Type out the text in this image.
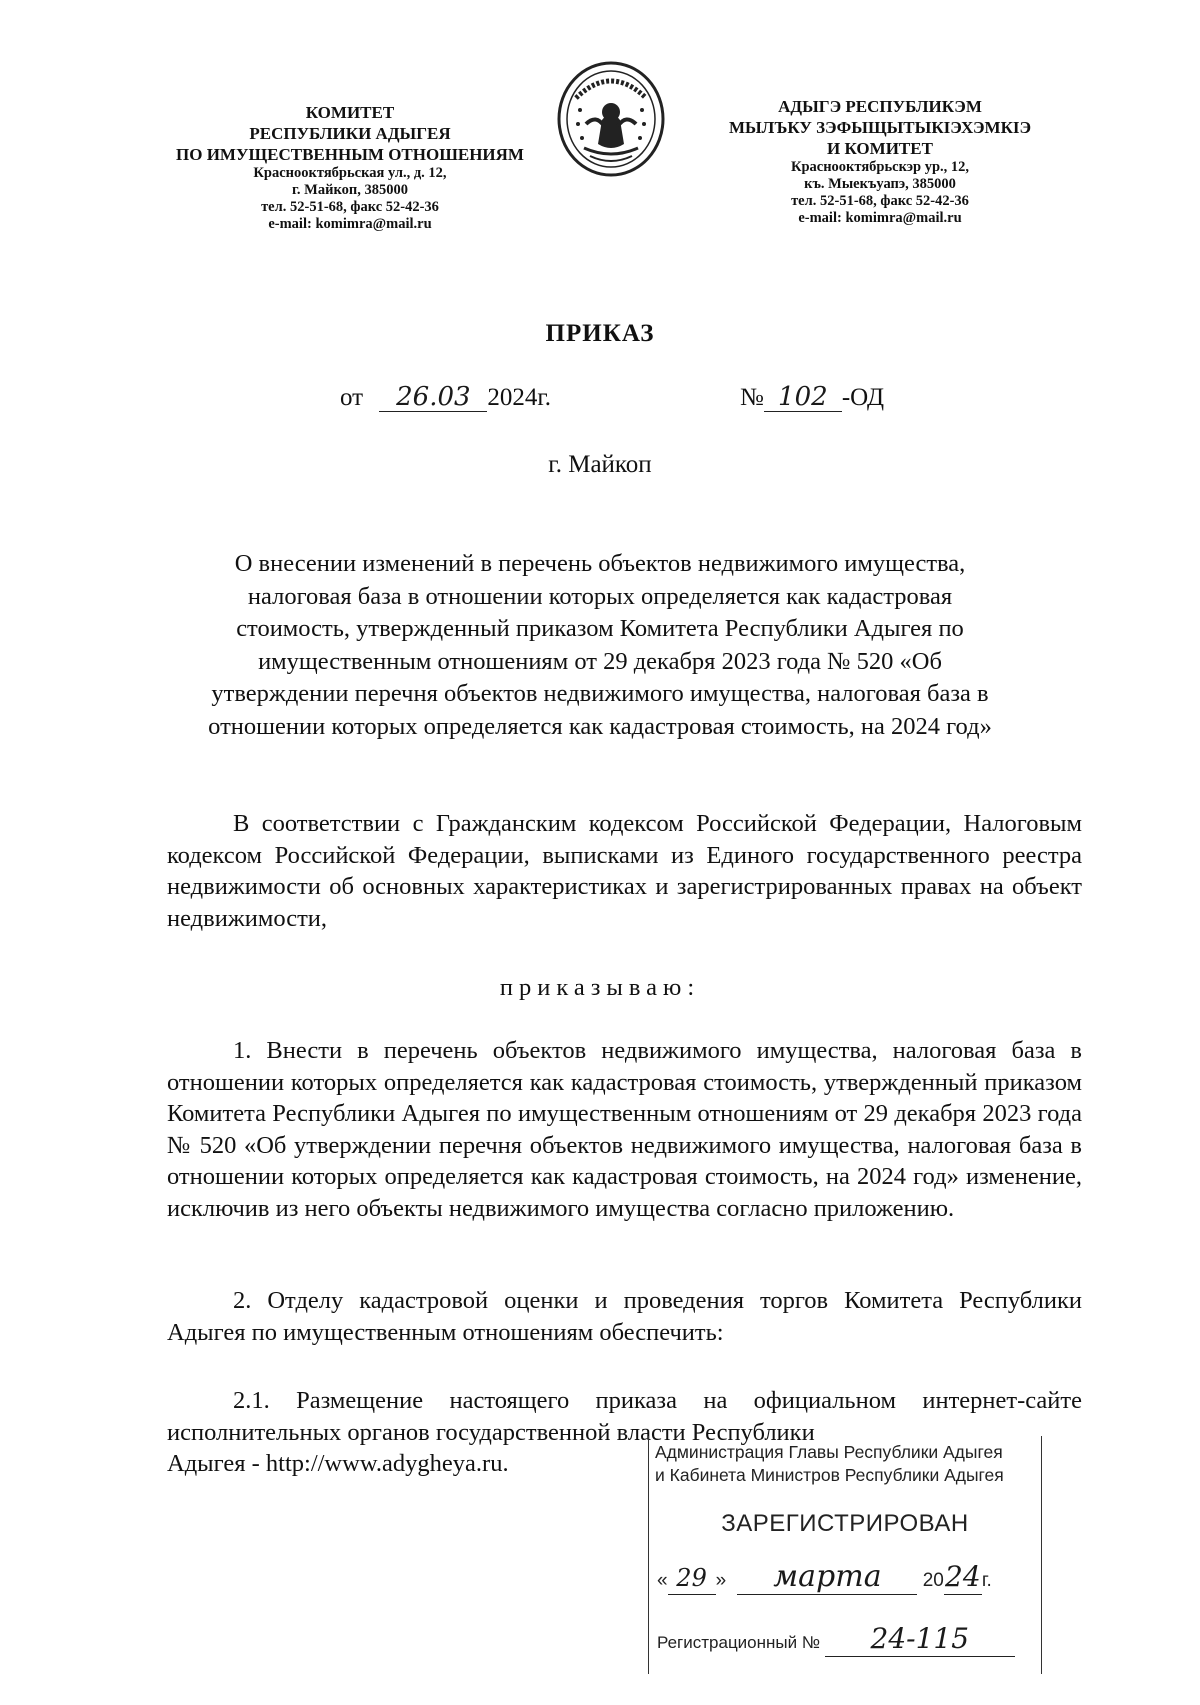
КОМИТЕТ
РЕСПУБЛИКИ АДЫГЕЯ
ПО ИМУЩЕСТВЕННЫМ ОТНОШЕНИЯМ
Краснооктябрьская ул., д. 12,
г. Майкоп, 385000
тел. 52-51-68, факс 52-42-36
e-mail: komimra@mail.ru
АДЫГЭ РЕСПУБЛИКЭМ
МЫЛЪКУ ЗЭФЫЩЫТЫКIЭХЭМКIЭ
И КОМИТЕТ
Краснооктябрьскэр ур., 12,
къ. Мыекъуапэ, 385000
тел. 52-51-68, факс 52-42-36
e-mail: komimra@mail.ru
ПРИКАЗ
от 26.03 2024г.	№ 102 -ОД
г. Майкоп
О внесении изменений в перечень объектов недвижимого имущества,
налоговая база в отношении которых определяется как кадастровая
стоимость, утвержденный приказом Комитета Республики Адыгея по
имущественным отношениям от 29 декабря 2023 года № 520 «Об
утверждении перечня объектов недвижимого имущества, налоговая база в
отношении которых определяется как кадастровая стоимость, на 2024 год»

В соответствии с Гражданским кодексом Российской Федерации, Налоговым кодексом Российской Федерации, выписками из Единого государственного реестра недвижимости об основных характеристиках и зарегистрированных правах на объект недвижимости,

приказываю:

1. Внести в перечень объектов недвижимого имущества, налоговая база в отношении которых определяется как кадастровая стоимость, утвержденный приказом Комитета Республики Адыгея по имущественным отношениям от 29 декабря 2023 года № 520 «Об утверждении перечня объектов недвижимого имущества, налоговая база в отношении которых определяется как кадастровая стоимость, на 2024 год» изменение, исключив из него объекты недвижимого имущества согласно приложению.

2. Отделу кадастровой оценки и проведения торгов Комитета Республики Адыгея по имущественным отношениям обеспечить:

2.1. Размещение настоящего приказа на официальном интернет-сайте исполнительных органов государственной власти Республики

Адыгея - http://www.adygheya.ru.	Администрация Главы Республики Адыгея
и Кабинета Министров Республики Адыгея
ЗАРЕГИСТРИРОВАН
« 29 » марта 2024г.
Регистрационный № 24-115
